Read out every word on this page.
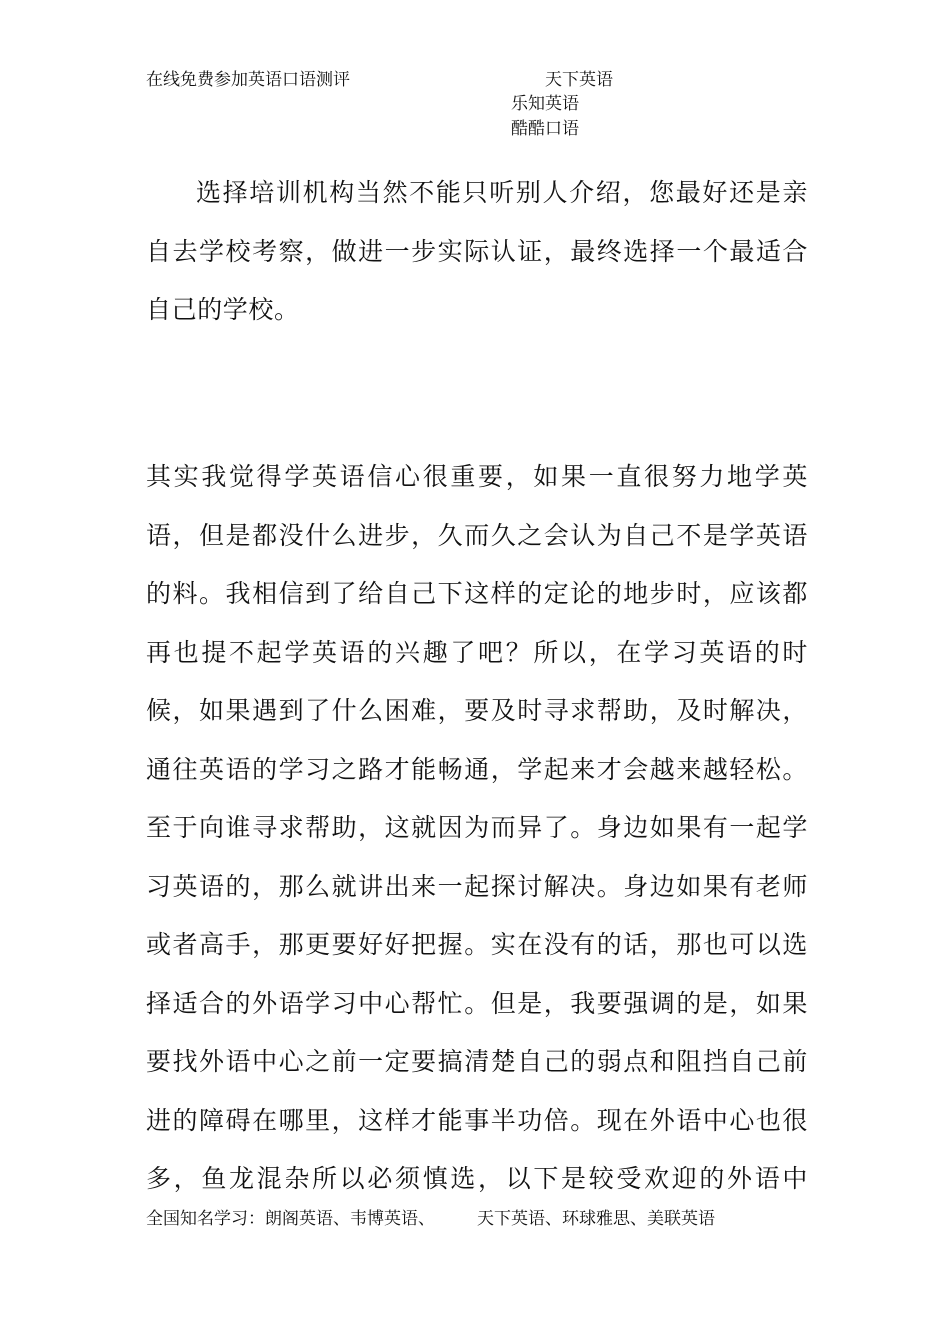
在线免费参加英语口语测评	天下英语
乐知英语
酷酷口语

选择培训机构当然不能只听别人介绍，您最好还是亲自去学校考察，做进一步实际认证，最终选择一个最适合自己的学校。

其实我觉得学英语信心很重要，如果一直很努力地学英语，但是都没什么进步，久而久之会认为自己不是学英语的料。我相信到了给自己下这样的定论的地步时，应该都再也提不起学英语的兴趣了吧？所以，在学习英语的时候，如果遇到了什么困难，要及时寻求帮助，及时解决，通往英语的学习之路才能畅通，学起来才会越来越轻松。至于向谁寻求帮助，这就因为而异了。身边如果有一起学习英语的，那么就讲出来一起探讨解决。身边如果有老师或者高手，那更要好好把握。实在没有的话，那也可以选择适合的外语学习中心帮忙。但是，我要强调的是，如果要找外语中心之前一定要搞清楚自己的弱点和阻挡自己前进的障碍在哪里，这样才能事半功倍。现在外语中心也很多，鱼龙混杂所以必须慎选，以下是较受欢迎的外语中

全国知名学习：朗阁英语、韦博英语、 天下英语、环球雅思、美联英语
